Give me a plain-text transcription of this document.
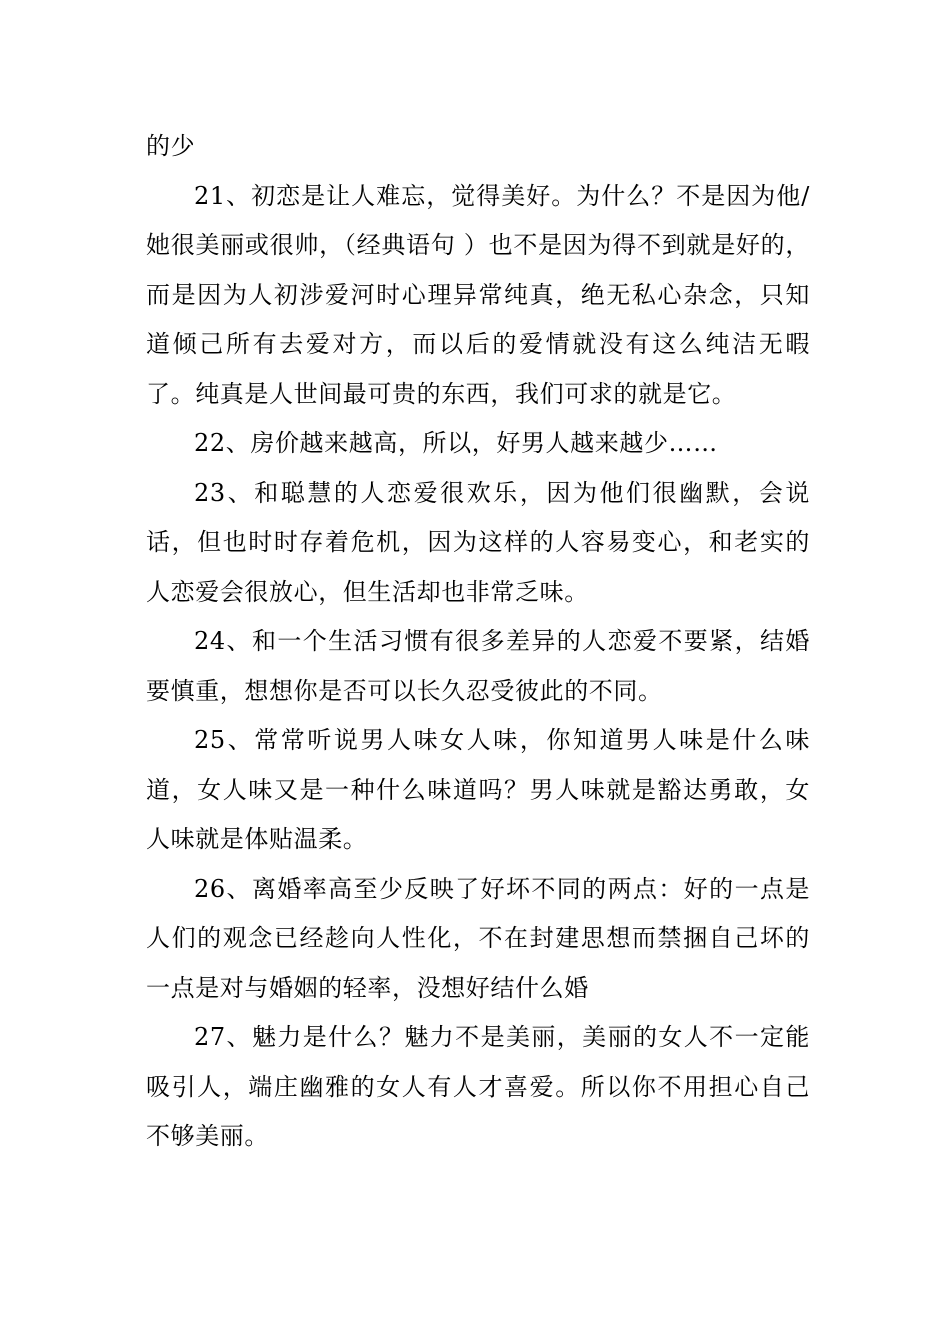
的少

21、初恋是让人难忘，觉得美好。为什么？不是因为他/她很美丽或很帅，（经典语句 ）也不是因为得不到就是好的，而是因为人初涉爱河时心理异常纯真，绝无私心杂念，只知道倾己所有去爱对方，而以后的爱情就没有这么纯洁无暇了。纯真是人世间最可贵的东西，我们可求的就是它。

22、房价越来越高，所以，好男人越来越少……

23、和聪慧的人恋爱很欢乐，因为他们很幽默，会说话，但也时时存着危机，因为这样的人容易变心，和老实的人恋爱会很放心，但生活却也非常乏味。

24、和一个生活习惯有很多差异的人恋爱不要紧，结婚要慎重，想想你是否可以长久忍受彼此的不同。

25、常常听说男人味女人味，你知道男人味是什么味道，女人味又是一种什么味道吗？男人味就是豁达勇敢，女人味就是体贴温柔。

26、离婚率高至少反映了好坏不同的两点：好的一点是人们的观念已经趁向人性化，不在封建思想而禁捆自己坏的一点是对与婚姻的轻率，没想好结什么婚

27、魅力是什么？魅力不是美丽，美丽的女人不一定能吸引人，端庄幽雅的女人有人才喜爱。所以你不用担心自己不够美丽。
